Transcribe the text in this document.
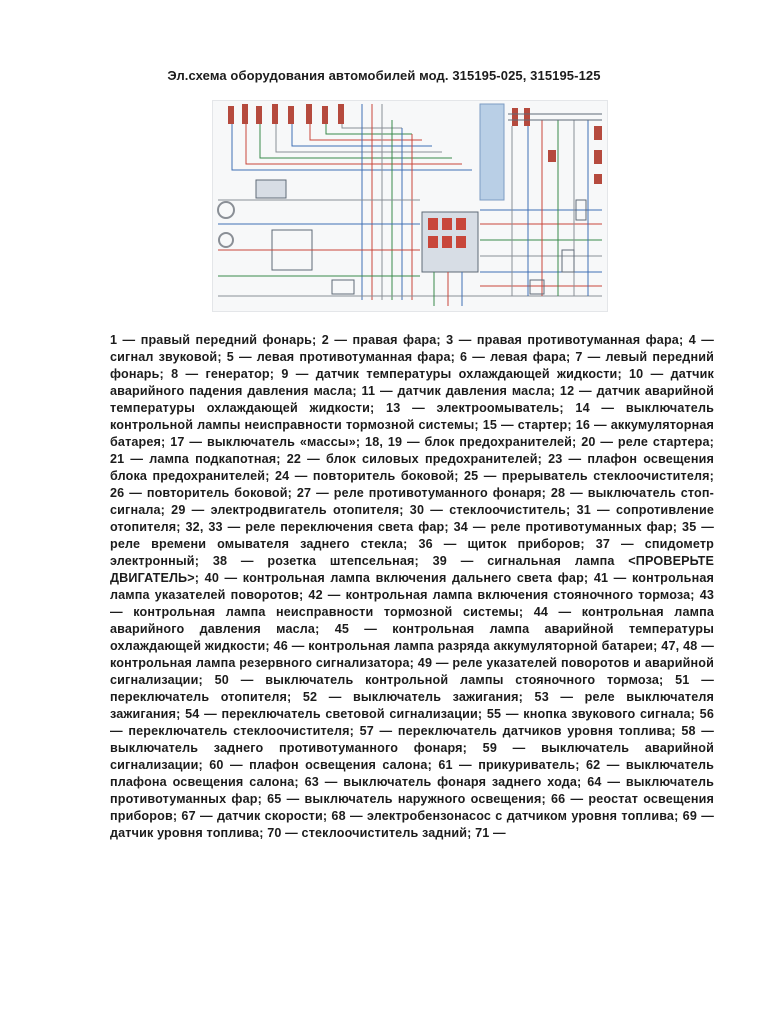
Эл.схема оборудования автомобилей мод. 315195-025, 315195-125
1 — правый передний фонарь; 2 — правая фара; 3 — правая противотуманная фара; 4 — сигнал звуковой; 5 — левая противотуманная фара; 6 — левая фара; 7 — левый передний фонарь; 8 — генератор; 9 — датчик температуры охлаждающей жидкости; 10 — датчик аварийного падения давления масла; 11 — датчик давления масла; 12 — датчик аварийной температуры охлаждающей жидкости; 13 — электроомыватель; 14 — выключатель контрольной лампы неисправности тормозной системы; 15 — стартер; 16 — аккумуляторная батарея; 17 — выключатель «массы»; 18, 19 — блок предохранителей; 20 — реле стартера; 21 — лампа подкапотная; 22 — блок силовых предохранителей; 23 — плафон освещения блока предохранителей; 24 — повторитель боковой; 25 — прерыватель стеклоочистителя; 26 — повторитель боковой; 27 — реле противотуманного фонаря; 28 — выключатель стоп-сигнала; 29 — электродвигатель отопителя; 30 — стеклоочиститель; 31 — сопротивление отопителя; 32, 33 — реле переключения света фар; 34 — реле противотуманных фар; 35 — реле времени омывателя заднего стекла; 36 — щиток приборов; 37 — спидометр электронный; 38 — розетка штепсельная; 39 — сигнальная лампа <ПРОВЕРЬТЕ ДВИГАТЕЛЬ>; 40 — контрольная лампа включения дальнего света фар; 41 — контрольная лампа указателей поворотов; 42 — контрольная лампа включения стояночного тормоза; 43 — контрольная лампа неисправности тормозной системы; 44 — контрольная лампа аварийного давления масла; 45 — контрольная лампа аварийной температуры охлаждающей жидкости; 46 — контрольная лампа разряда аккумуляторной батареи; 47, 48 — контрольная лампа резервного сигнализатора; 49 — реле указателей поворотов и аварийной сигнализации; 50 — выключатель контрольной лампы стояночного тормоза; 51 — переключатель отопителя; 52 — выключатель зажигания; 53 — реле выключателя зажигания; 54 — переключатель световой сигнализации; 55 — кнопка звукового сигнала; 56 — переключатель стеклоочистителя; 57 — переключатель датчиков уровня топлива; 58 — выключатель заднего противотуманного фонаря; 59 — выключатель аварийной сигнализации; 60 — плафон освещения салона; 61 — прикуриватель; 62 — выключатель плафона освещения салона; 63 — выключатель фонаря заднего хода; 64 — выключатель противотуманных фар; 65 — выключатель наружного освещения; 66 — реостат освещения приборов; 67 — датчик скорости; 68 — электробензонасос с датчиком уровня топлива; 69 — датчик уровня топлива; 70 — стеклоочиститель задний; 71 —
